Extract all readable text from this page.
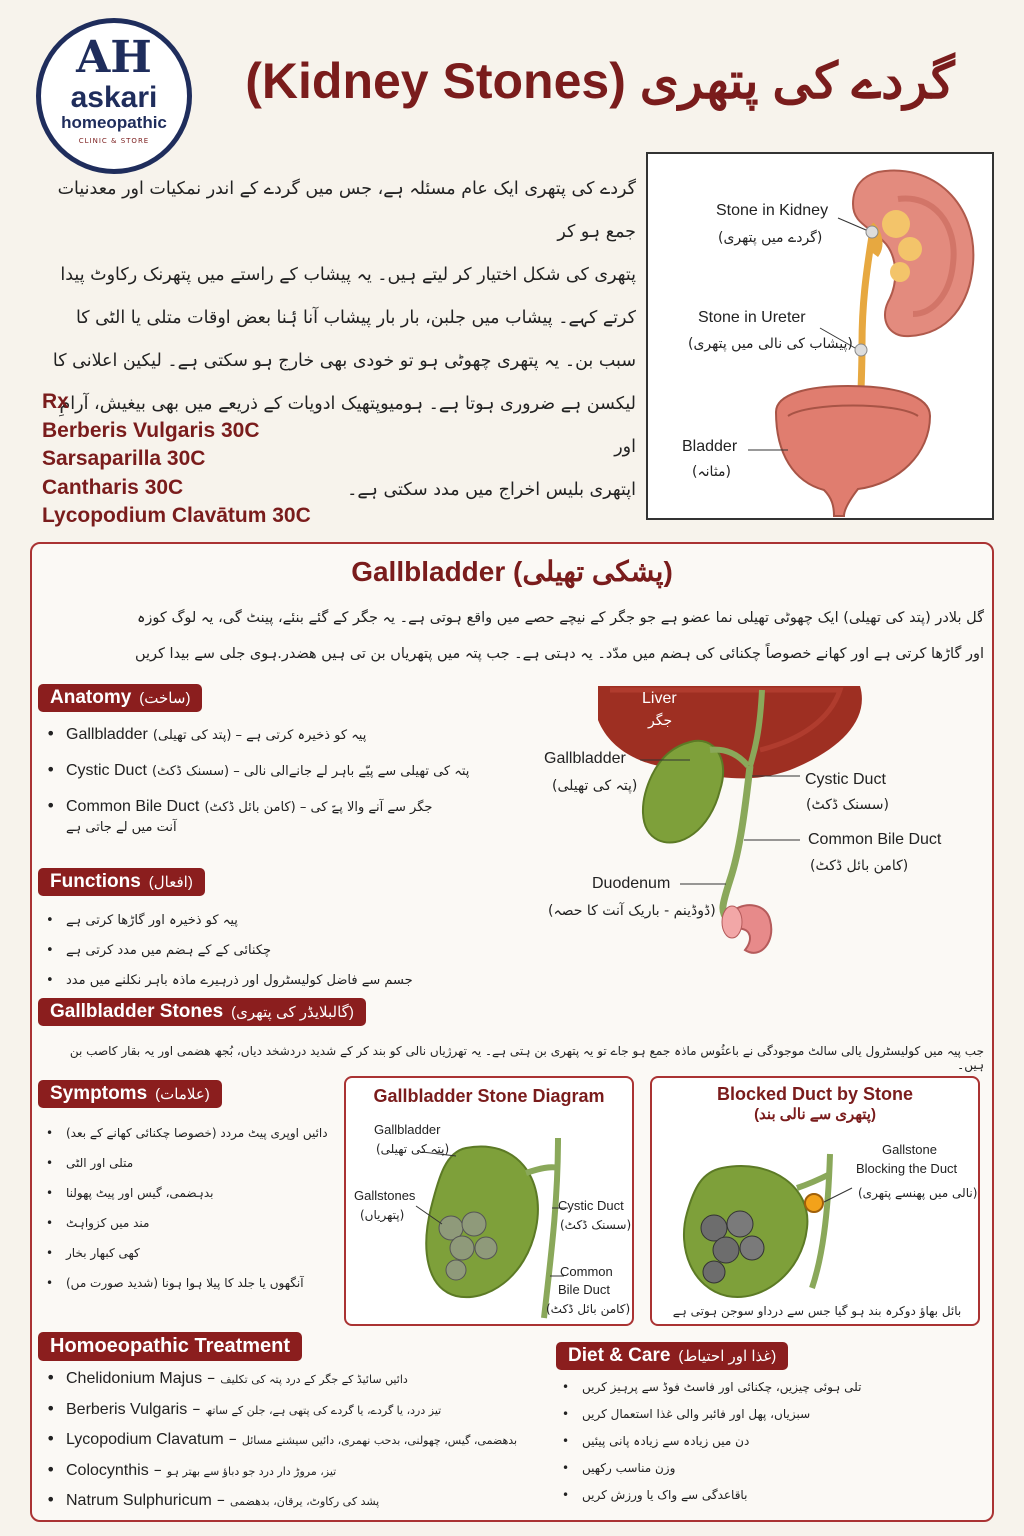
AH
askari
homeopathic
CLINIC & STORE
(Kidney Stones) گردے کی پتھری
گردے کی پتھری ایک عام مسئلہ ہے، جس میں گردے کے اندر نمکیات اور معدنیات جمع ہو کر
پتھری کی شکل اختیار کر لیتے ہیں۔ یہ پیشاب کے راستے میں پتھرنک رکاوٹ پیدا
کرتے کہے۔ پیشاب میں جلبن، بار بار پیشاب آنا ۂنا بعض اوقات متلی یا الٹی کا
سبب بن۔ یہ پتھری چھوٹی ہو تو خودی بھی خارج ہو سکتی ہے۔ لیکین اعلانی کا
لیکسن ہے ضروری ہوتا ہے۔ ہومیوپتھیک ادویات کے ذریعے میں بھی بیغیش، آرامِ اور
اپتھری بلیس اخراج میں مدد سکتی ہے۔
Rx
Berberis Vulgaris 30C
Sarsaparilla 30C
Cantharis 30C
Lycopodium Clavātum 30C
Stone in Kidney
(گردے میں پتھری)
Stone in Ureter
(پیشاب کی نالی میں پتھری)
Bladder
(مثانہ)
Gallbladder (پشکی تھیلی)
گل بلادر (پتد کی تھیلی) ایک چھوٹی تھیلی نما عضو ہے جو جگر کے نیچے حصے میں واقع ہوتی ہے۔ یہ جگر کے گئے بنئے، پینٹ گی، یہ لوگ کوزہ
اور گاڑھا کرتی ہے اور کھانے خصوصاً چکنائی کی ہضم میں مدّد۔ یہ دہتی ہے۔ جب پتہ میں پتھریاں بن تی ہیں ھضدر.ہوی جلی سے بیدا کریں
Anatomy (ساخت)
• Gallbladder (پتد کی تھیلی) – پیہ کو ذخیرہ کرتی ہے
• Cystic Duct (سسنک ڈکٹ) – پتہ کی تھیلی سے پیّے باہر لے جانےالی نالی
• Common Bile Duct (کامن بائل ڈکٹ) – جگر سے آنے والا پےّ کی
آنت میں لے جاتی ہے
Functions (افعال)
• پیہ کو ذخیرہ اور گاڑھا کرتی ہے
• چکنائی کے کے ہضم میں مدد کرتی ہے
• جسم سے فاضل کولیسٹرول اور ذرہیرے ماذہ باہر نکلنے میں مدد
Liver
جگر
Gallbladder
(پتہ کی تھیلی)	Cystic Duct
(سسنک ڈکٹ)
Common Bile Duct
(کامن بائل ڈکٹ)
Duodenum
(ڈوڈینم - باریک آنت کا حصہ)
Gallbladder Stones (گالبلایڈر کی پتھری)
جب پیہ میں کولیسٹرول یالی سالٹ موجودگی نے باعثُوس ماذہ جمع ہو جاے تو یہ پتھری بن ہتی ہے۔ یہ تھرژیاں نالی کو بند کر کے شدید دردشخد دیاں، بُجھ ھضمی اور یہ بقار کاصب بن ہیں۔
Symptoms (علامات)
• دائیں اوپری پیٹ مردد (خصوصا چکنائی کھانے کے بعد)
• متلی اور الٹی
• بدہضمی، گیس اور پیٹ پھولنا
• مند میں کزواہٹ
• کھی کبھار بخار
• آنگھوں یا جلد کا پیلا ہوا ہونا (شدید صورت مں)
Gallbladder Stone Diagram
Gallbladder
(پتہ کی تھیلی)
Gallstones
(پتھریاں)
Cystic Duct
(سسنک ڈکٹ)
Common
Bile Duct
(کامن بائل ڈکٹ)
Blocked Duct by Stone
(پتھری سے نالی بند)
Gallstone
Blocking the Duct
(نالی میں پھنسے پتھری)
بائل بھاؤ دوکرہ بند ہو گیا جس سے درداو سوجن ہوتی ہے
Homoeopathic Treatment
• Chelidonium Majus – دائیں سائیڈ کے جگر کے درد پتہ کی تکلیف
• Berberis Vulgaris – تیز درد، یا گردے، یا گردے کی پتھی ہے، جلن کے ساتھ
• Lycopodium Clavatum – بدھضمی، گیس، چھولنی، بدحب نھمری، دائیں سیشنے مسائل
• Colocynthis – تیز، مروڑ دار درد جو دباؤ سے بھتر ہو
• Natrum Sulphuricum – پشد کی رکاوٹ، یرقان، بدھضمی
Diet & Care (غذا اور احتیاط)
• تلی ہوئی چیزیں، چکنائی اور فاسٹ فوڈ سے پرہیز کریں
• سبزیاں، پھل اور فائبر والی غذا استعمال کریں
• دن میں زیادہ سے زیادہ پانی پیئیں
• وزن مناسب رکھیں
• باقاعدگی سے واک یا ورزش کریں
